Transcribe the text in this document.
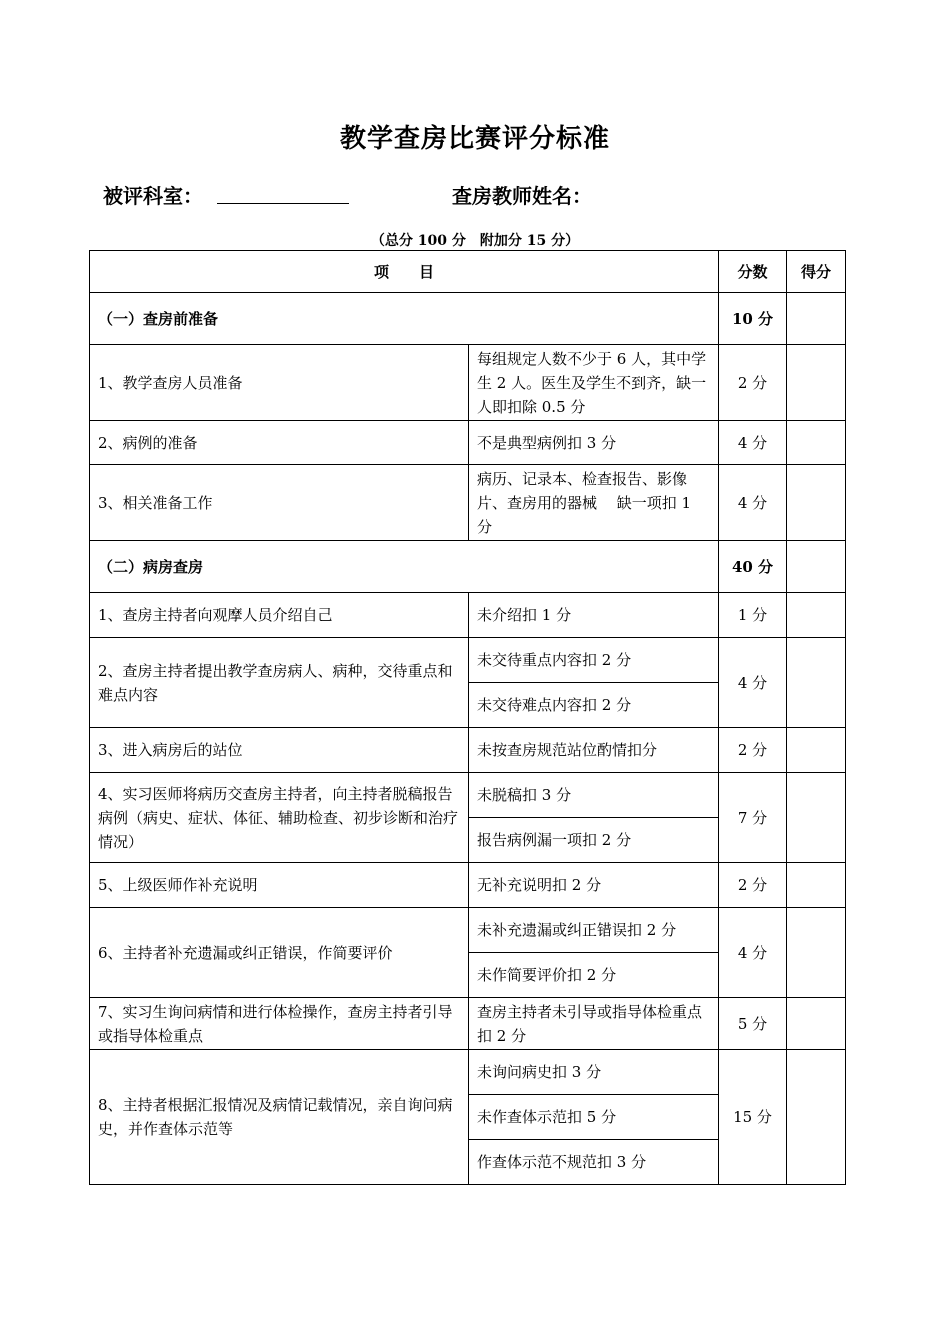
教学查房比赛评分标准
被评科室：	查房教师姓名：
（总分 100 分　附加分 15 分）
项　　目		分数	得分
（一）查房前准备		10 分	
1、教学查房人员准备	每组规定人数不少于 6 人，其中学生 2 人。医生及学生不到齐，缺一人即扣除 0.5 分	2 分	
2、病例的准备	不是典型病例扣 3 分	4 分	
3、相关准备工作	病历、记录本、检查报告、影像片、查房用的器械　 缺一项扣 1 分	4 分	
（二）病房查房		40 分	
1、查房主持者向观摩人员介绍自己	未介绍扣 1 分	1 分	
2、查房主持者提出教学查房病人、病种，交待重点和难点内容	未交待重点内容扣 2 分	4 分	
	未交待难点内容扣 2 分		
3、进入病房后的站位	未按查房规范站位酌情扣分	2 分	
4、实习医师将病历交查房主持者，向主持者脱稿报告病例（病史、症状、体征、辅助检查、初步诊断和治疗情况）	未脱稿扣 3 分	7 分	
	报告病例漏一项扣 2 分		
5、上级医师作补充说明	无补充说明扣 2 分	2 分	
6、主持者补充遗漏或纠正错误，作简要评价	未补充遗漏或纠正错误扣 2 分	4 分	
	未作简要评价扣 2 分		
7、实习生询问病情和进行体检操作，查房主持者引导或指导体检重点	查房主持者未引导或指导体检重点扣 2 分	5 分	
8、主持者根据汇报情况及病情记载情况，亲自询问病史，并作查体示范等	未询问病史扣 3 分	15 分	
	未作查体示范扣 5 分		
	作查体示范不规范扣 3 分		
